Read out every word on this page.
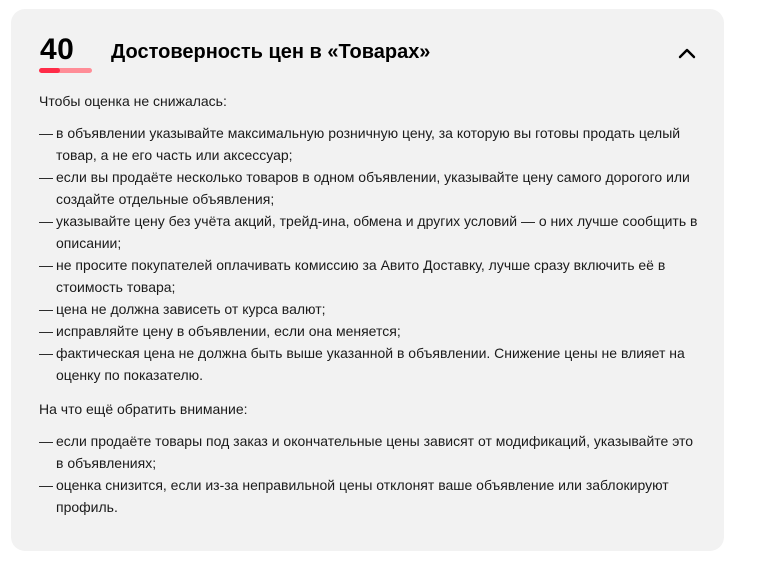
40 Достоверность цен в «Товарах»

Чтобы оценка не снижалась:

— в объявлении указывайте максимальную розничную цену, за которую вы готовы продать целый товар, а не его часть или аксессуар;
— если вы продаёте несколько товаров в одном объявлении, указывайте цену самого дорогого или создайте отдельные объявления;
— указывайте цену без учёта акций, трейд-ина, обмена и других условий — о них лучше сообщить в описании;
— не просите покупателей оплачивать комиссию за Авито Доставку, лучше сразу включить её в стоимость товара;
— цена не должна зависеть от курса валют;
— исправляйте цену в объявлении, если она меняется;
— фактическая цена не должна быть выше указанной в объявлении. Снижение цены не влияет на оценку по показателю.

На что ещё обратить внимание:

— если продаёте товары под заказ и окончательные цены зависят от модификаций, указывайте это в объявлениях;
— оценка снизится, если из-за неправильной цены отклонят ваше объявление или заблокируют профиль.
